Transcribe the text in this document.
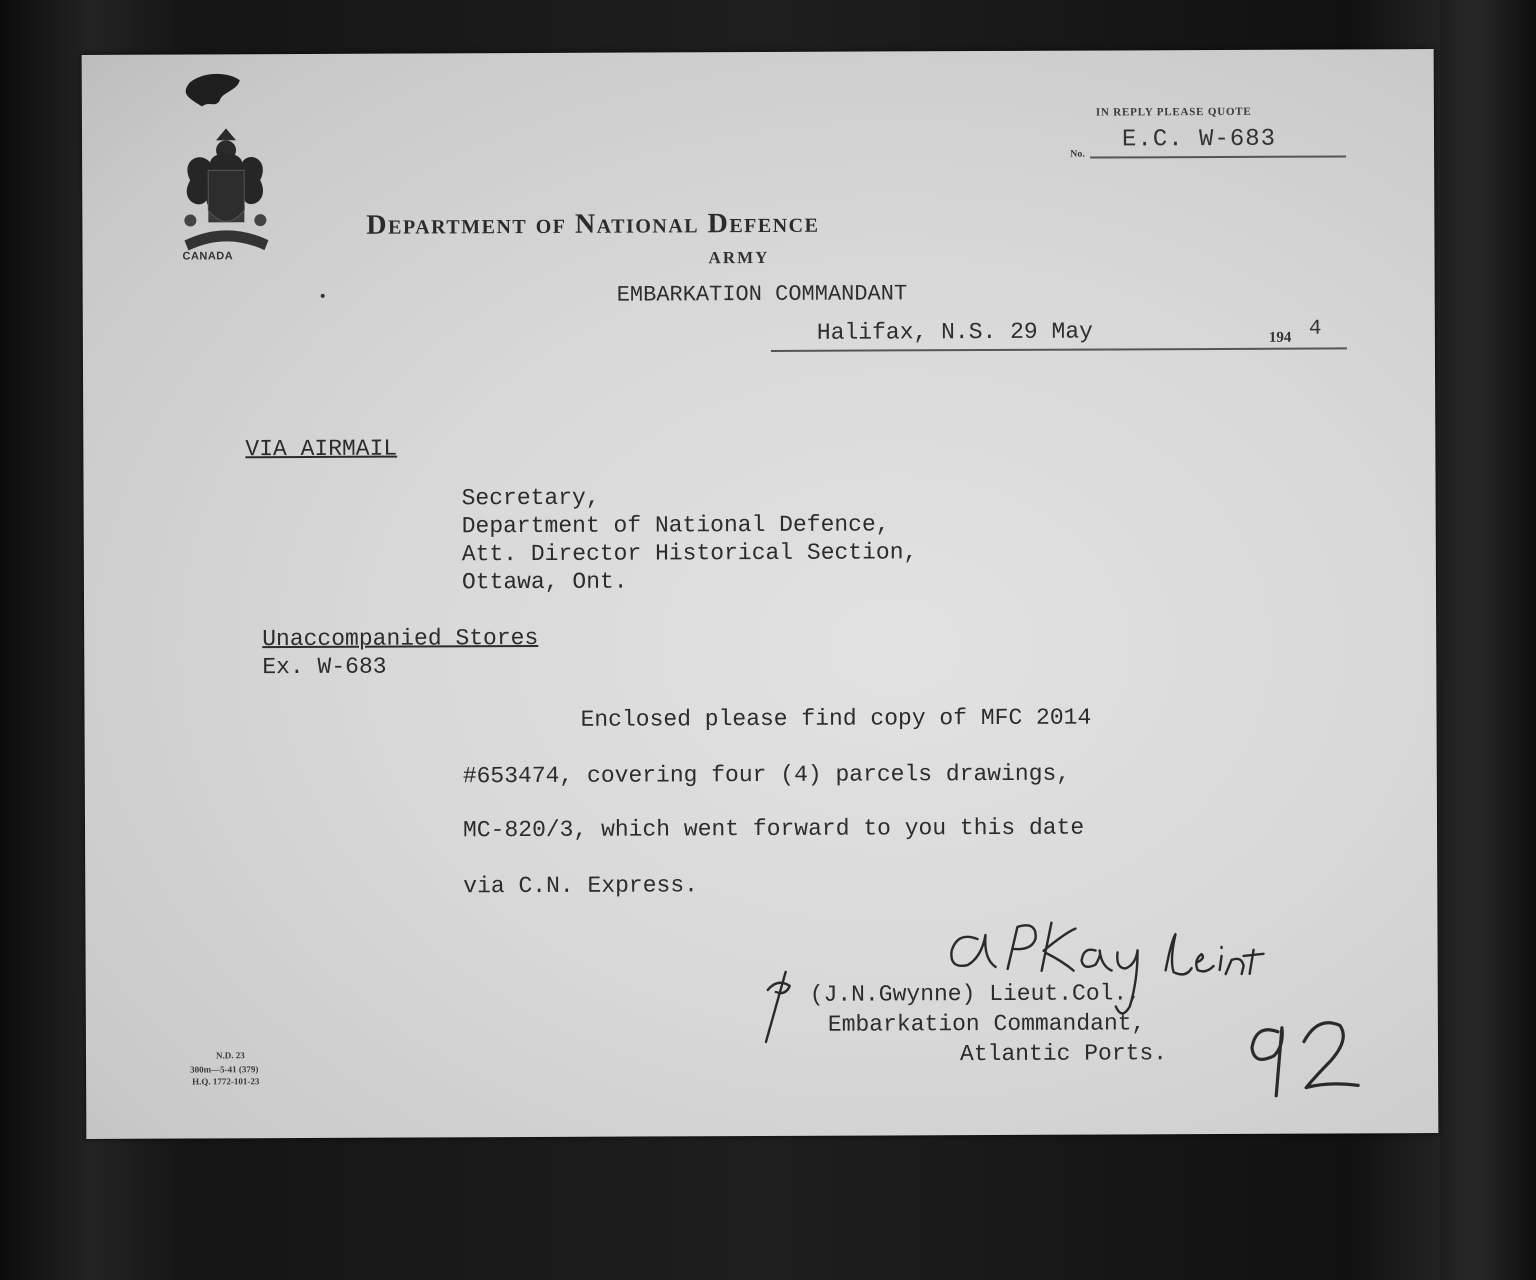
CANADA
IN REPLY PLEASE QUOTE
No.
E.C. W-683
Department of National Defence
ARMY
EMBARKATION COMMANDANT
Halifax, N.S. 29 May	194 4
VIA AIRMAIL
Secretary,
Department of National Defence,
Att. Director Historical Section,
Ottawa, Ont.
Unaccompanied Stores
Ex. W-683
Enclosed please find copy of MFC 2014
#653474, covering four (4) parcels drawings,
MC-820/3, which went forward to you this date
via C.N. Express.
(J.N.Gwynne) Lieut.Col.,
Embarkation Commandant,
Atlantic Ports.
N.D. 23
300m—5-41 (379)
H.Q. 1772-101-23
